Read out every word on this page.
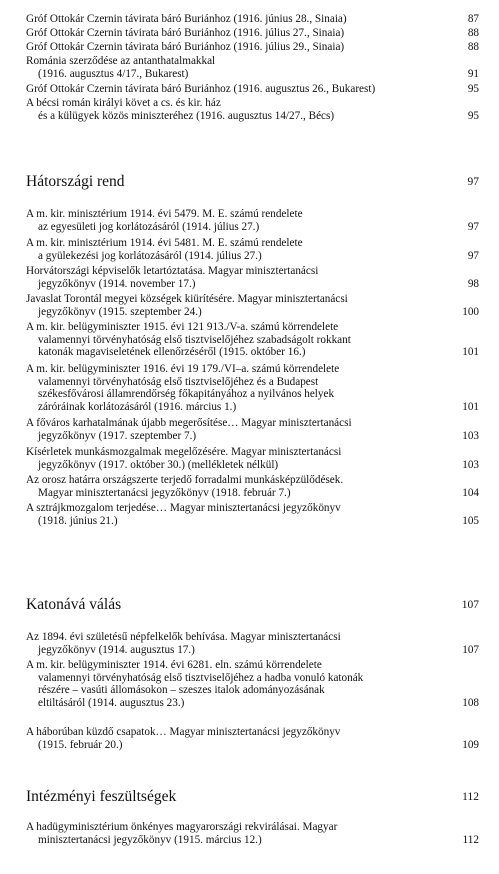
Gróf Ottokár Czernin távirata báró Buriánhoz (1916. június 28., Sinaia)	87
Gróf Ottokár Czernin távirata báró Buriánhoz (1916. július 27., Sinaia)	88
Gróf Ottokár Czernin távirata báró Buriánhoz (1916. július 29., Sinaia)	88
Románia szerződése az antanthatalmakkal
(1916. augusztus 4/17., Bukarest)	91
Gróf Ottokár Czernin távirata báró Buriánhoz (1916. augusztus 26., Bukarest)	95
A bécsi román királyi követ a cs. és kir. ház
és a külügyek közös miniszteréhez (1916. augusztus 14/27., Bécs)	95
Hátországi rend	97
A m. kir. minisztérium 1914. évi 5479. M. E. számú rendelete
az egyesületi jog korlátozásáról (1914. július 27.)	97
A m. kir. minisztérium 1914. évi 5481. M. E. számú rendelete
a gyülekezési jog korlátozásáról (1914. július 27.)	97
Horvátországi képviselők letartóztatása. Magyar minisztertanácsi
jegyzőkönyv (1914. november 17.)	98
Javaslat Torontál megyei községek kiürítésére. Magyar minisztertanácsi
jegyzőkönyv (1915. szeptember 24.)	100
A m. kir. belügyminiszter 1915. évi 121 913./V-a. számú körrendelete
valamennyi törvényhatóság első tisztviselőjéhez szabadságolt rokkant
katonák magaviseletének ellenőrzéséről (1915. október 16.)	101
A m. kir. belügyminiszter 1916. évi 19 179./VI–a. számú körrendelete
valamennyi törvényhatóság első tisztviselőjéhez és a Budapest
székesfővárosi államrendőrség főkapitányához a nyilvános helyek
záróráinak korlátozásáról (1916. március 1.)	101
A főváros karhatalmának újabb megerősítése… Magyar minisztertanácsi
jegyzőkönyv (1917. szeptember 7.)	103
Kísérletek munkásmozgalmak megelőzésére. Magyar minisztertanácsi
jegyzőkönyv (1917. október 30.) (mellékletek nélkül)	103
Az orosz határra országszerte terjedő forradalmi munkásképzülődések.
Magyar minisztertanácsi jegyzőkönyv (1918. február 7.)	104
A sztrájkmozgalom terjedése… Magyar minisztertanácsi jegyzőkönyv
(1918. június 21.)	105
Katonává válás	107
Az 1894. évi születésű népfelkelők behívása. Magyar minisztertanácsi
jegyzőkönyv (1914. augusztus 17.)	107
A m. kir. belügyminiszter 1914. évi 6281. eln. számú körrendelete
valamennyi törvényhatóság első tisztviselőjéhez a hadba vonuló katonák
részére – vasúti állomásokon – szeszes italok adományozásának
eltiltásáról (1914. augusztus 23.)	108
A háborúban küzdő csapatok… Magyar minisztertanácsi jegyzőkönyv
(1915. február 20.)	109
Intézményi feszültségek	112
A hadügyminisztérium önkényes magyarországi rekvirálásai. Magyar
minisztertanácsi jegyzőkönyv (1915. március 12.)	112
